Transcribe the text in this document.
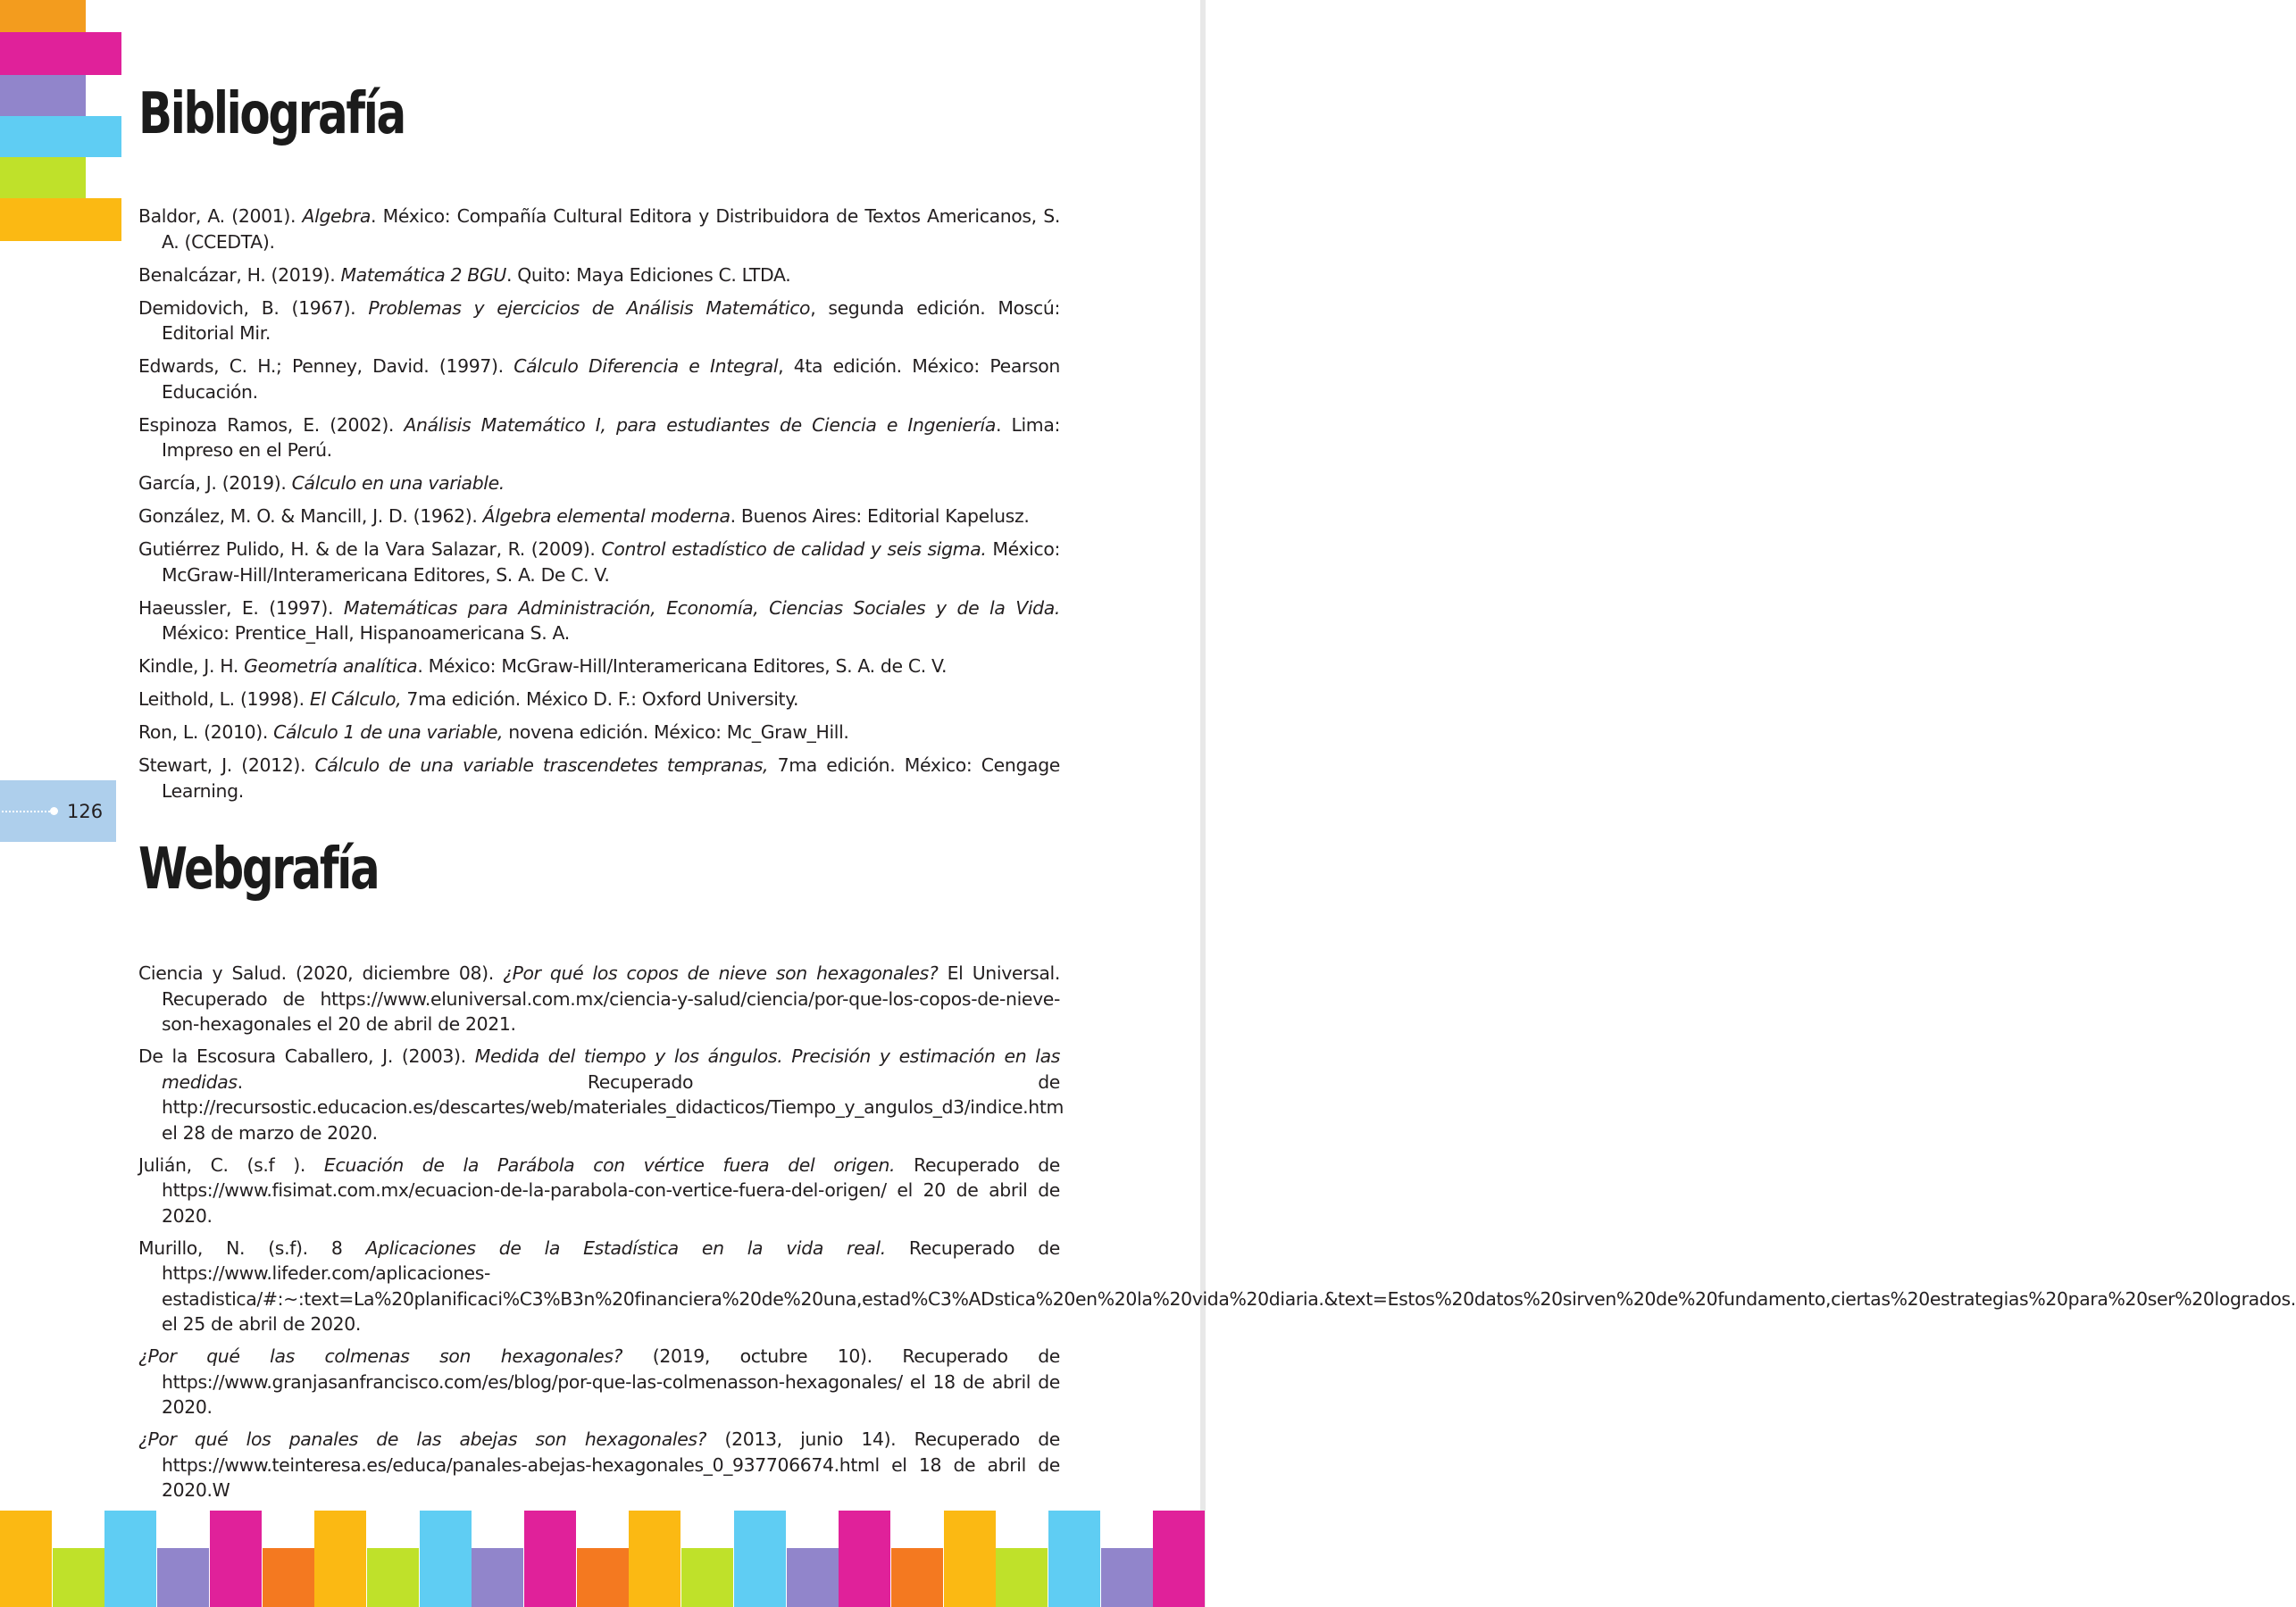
Bibliografía
Baldor, A. (2001). Algebra. México: Compañía Cultural Editora y Distribuidora de Textos Americanos, S. A. (CCEDTA).
Benalcázar, H. (2019). Matemática 2 BGU. Quito: Maya Ediciones C. LTDA.
Demidovich, B. (1967). Problemas y ejercicios de Análisis Matemático, segunda edición. Moscú: Editorial Mir.
Edwards, C. H.; Penney, David. (1997). Cálculo Diferencia e Integral, 4ta edición. México: Pearson Educación.
Espinoza Ramos, E. (2002). Análisis Matemático I, para estudiantes de Ciencia e Ingeniería. Lima: Impreso en el Perú.
García, J. (2019). Cálculo en una variable.
González, M. O. & Mancill, J. D. (1962). Álgebra elemental moderna. Buenos Aires: Editorial Kapelusz.
Gutiérrez Pulido, H. & de la Vara Salazar, R. (2009). Control estadístico de calidad y seis sigma. México: McGraw-Hill/Interamericana Editores, S. A. De C. V.
Haeussler, E. (1997). Matemáticas para Administración, Economía, Ciencias Sociales y de la Vida. México: Prentice_Hall, Hispanoamericana S. A.
Kindle, J. H. Geometría analítica. México: McGraw-Hill/Interamericana Editores, S. A. de C. V.
Leithold, L. (1998). El Cálculo, 7ma edición. México D. F.: Oxford University.
Ron, L. (2010). Cálculo 1 de una variable, novena edición. México: Mc_Graw_Hill.
Stewart, J. (2012). Cálculo de una variable trascendetes tempranas, 7ma edición. México: Cengage Learning.
126
Webgrafía
Ciencia y Salud. (2020, diciembre 08). ¿Por qué los copos de nieve son hexagonales? El Universal. Recuperado de https://www.eluniversal.com.mx/ciencia-y-salud/ciencia/por-que-los-copos-de-nieve-son-hexagonales el 20 de abril de 2021.
De la Escosura Caballero, J. (2003). Medida del tiempo y los ángulos. Precisión y estimación en las medidas. Recuperado de http://recursostic.educacion.es/descartes/web/materiales_didacticos/Tiempo_y_angulos_d3/indice.htm el 28 de marzo de 2020.
Julián, C. (s.f ). Ecuación de la Parábola con vértice fuera del origen. Recuperado de https://www.fisimat.com.mx/ecuacion-de-la-parabola-con-vertice-fuera-del-origen/ el 20 de abril de 2020.
Murillo, N. (s.f). 8 Aplicaciones de la Estadística en la vida real. Recuperado de https://www.lifeder.com/aplicaciones-estadistica/#:~:text=La%20planificaci%C3%B3n%20financiera%20de%20una,estad%C3%ADstica%20en%20la%20vida%20diaria.&text=Estos%20datos%20sirven%20de%20fundamento,ciertas%20estrategias%20para%20ser%20logrados. el 25 de abril de 2020.
¿Por qué las colmenas son hexagonales? (2019, octubre 10). Recuperado de https://www.granjasanfrancisco.com/es/blog/por-que-las-colmenasson-hexagonales/ el 18 de abril de 2020.
¿Por qué los panales de las abejas son hexagonales? (2013, junio 14). Recuperado de https://www.teinteresa.es/educa/panales-abejas-hexagonales_0_937706674.html el 18 de abril de 2020.W
